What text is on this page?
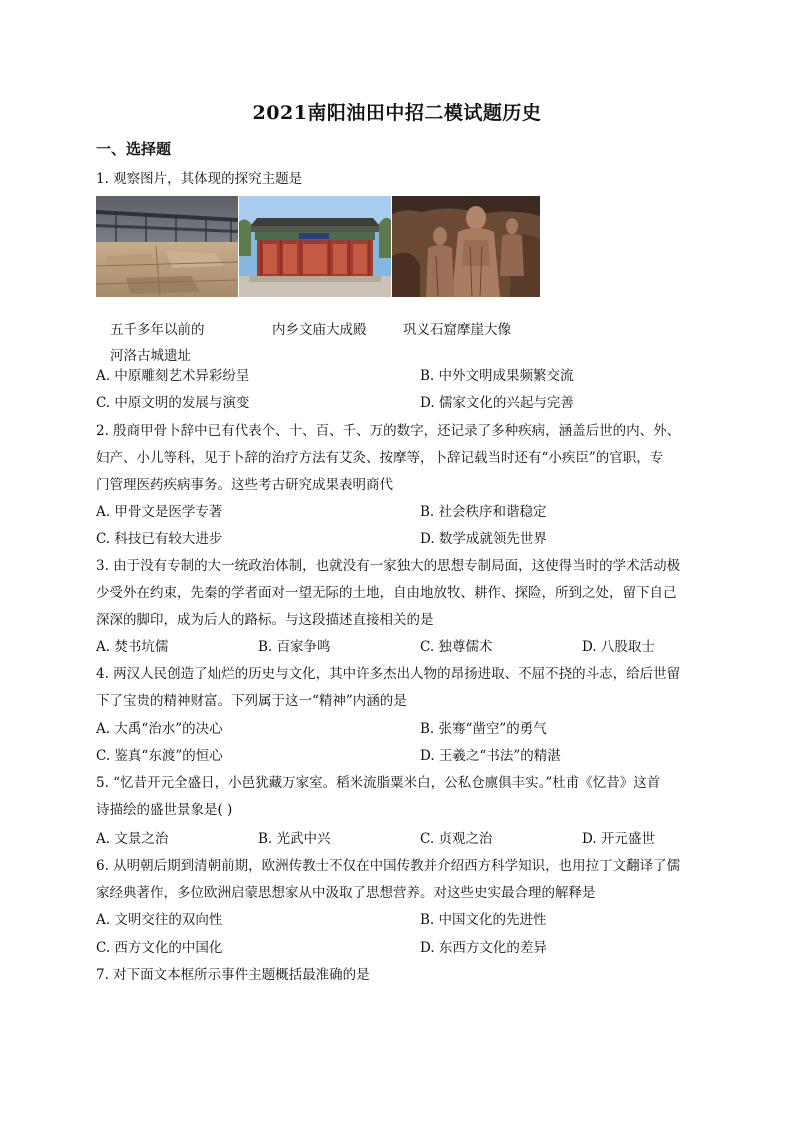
2021南阳油田中招二模试题历史
一、选择题
1. 观察图片，其体现的探究主题是
五千多年以前的
河洛古城遗址
内乡文庙大成殿	巩义石窟摩崖大像
A. 中原雕刻艺术异彩纷呈	B. 中外文明成果频繁交流
C. 中原文明的发展与演变	D. 儒家文化的兴起与完善
2. 殷商甲骨卜辞中已有代表个、十、百、千、万的数字，还记录了多种疾病，涵盖后世的内、外、
妇产、小儿等科，见于卜辞的治疗方法有艾灸、按摩等，卜辞记载当时还有“小疾臣”的官职，专
门管理医药疾病事务。这些考古研究成果表明商代
A. 甲骨文是医学专著	B. 社会秩序和谐稳定
C. 科技已有较大进步	D. 数学成就领先世界
3. 由于没有专制的大一统政治体制，也就没有一家独大的思想专制局面，这使得当时的学术活动极
少受外在约束，先秦的学者面对一望无际的土地，自由地放牧、耕作、探险，所到之处，留下自己
深深的脚印，成为后人的路标。与这段描述直接相关的是
A. 焚书坑儒	B. 百家争鸣	C. 独尊儒术	D. 八股取士
4. 两汉人民创造了灿烂的历史与文化，其中许多杰出人物的昂扬进取、不屈不挠的斗志，给后世留
下了宝贵的精神财富。下列属于这一“精神”内涵的是
A. 大禹“治水”的决心	B. 张骞“凿空”的勇气
C. 鉴真“东渡”的恒心	D. 王羲之“书法”的精湛
5. “忆昔开元全盛日，小邑犹藏万家室。稻米流脂粟米白，公私仓廪俱丰实。”杜甫《忆昔》这首
诗描绘的盛世景象是( )
A. 文景之治	B. 光武中兴	C. 贞观之治	D. 开元盛世
6. 从明朝后期到清朝前期，欧洲传教士不仅在中国传教并介绍西方科学知识，也用拉丁文翻译了儒
家经典著作，多位欧洲启蒙思想家从中汲取了思想营养。对这些史实最合理的解释是
A. 文明交往的双向性	B. 中国文化的先进性
C. 西方文化的中国化	D. 东西方文化的差异
7. 对下面文本框所示事件主题概括最准确的是
